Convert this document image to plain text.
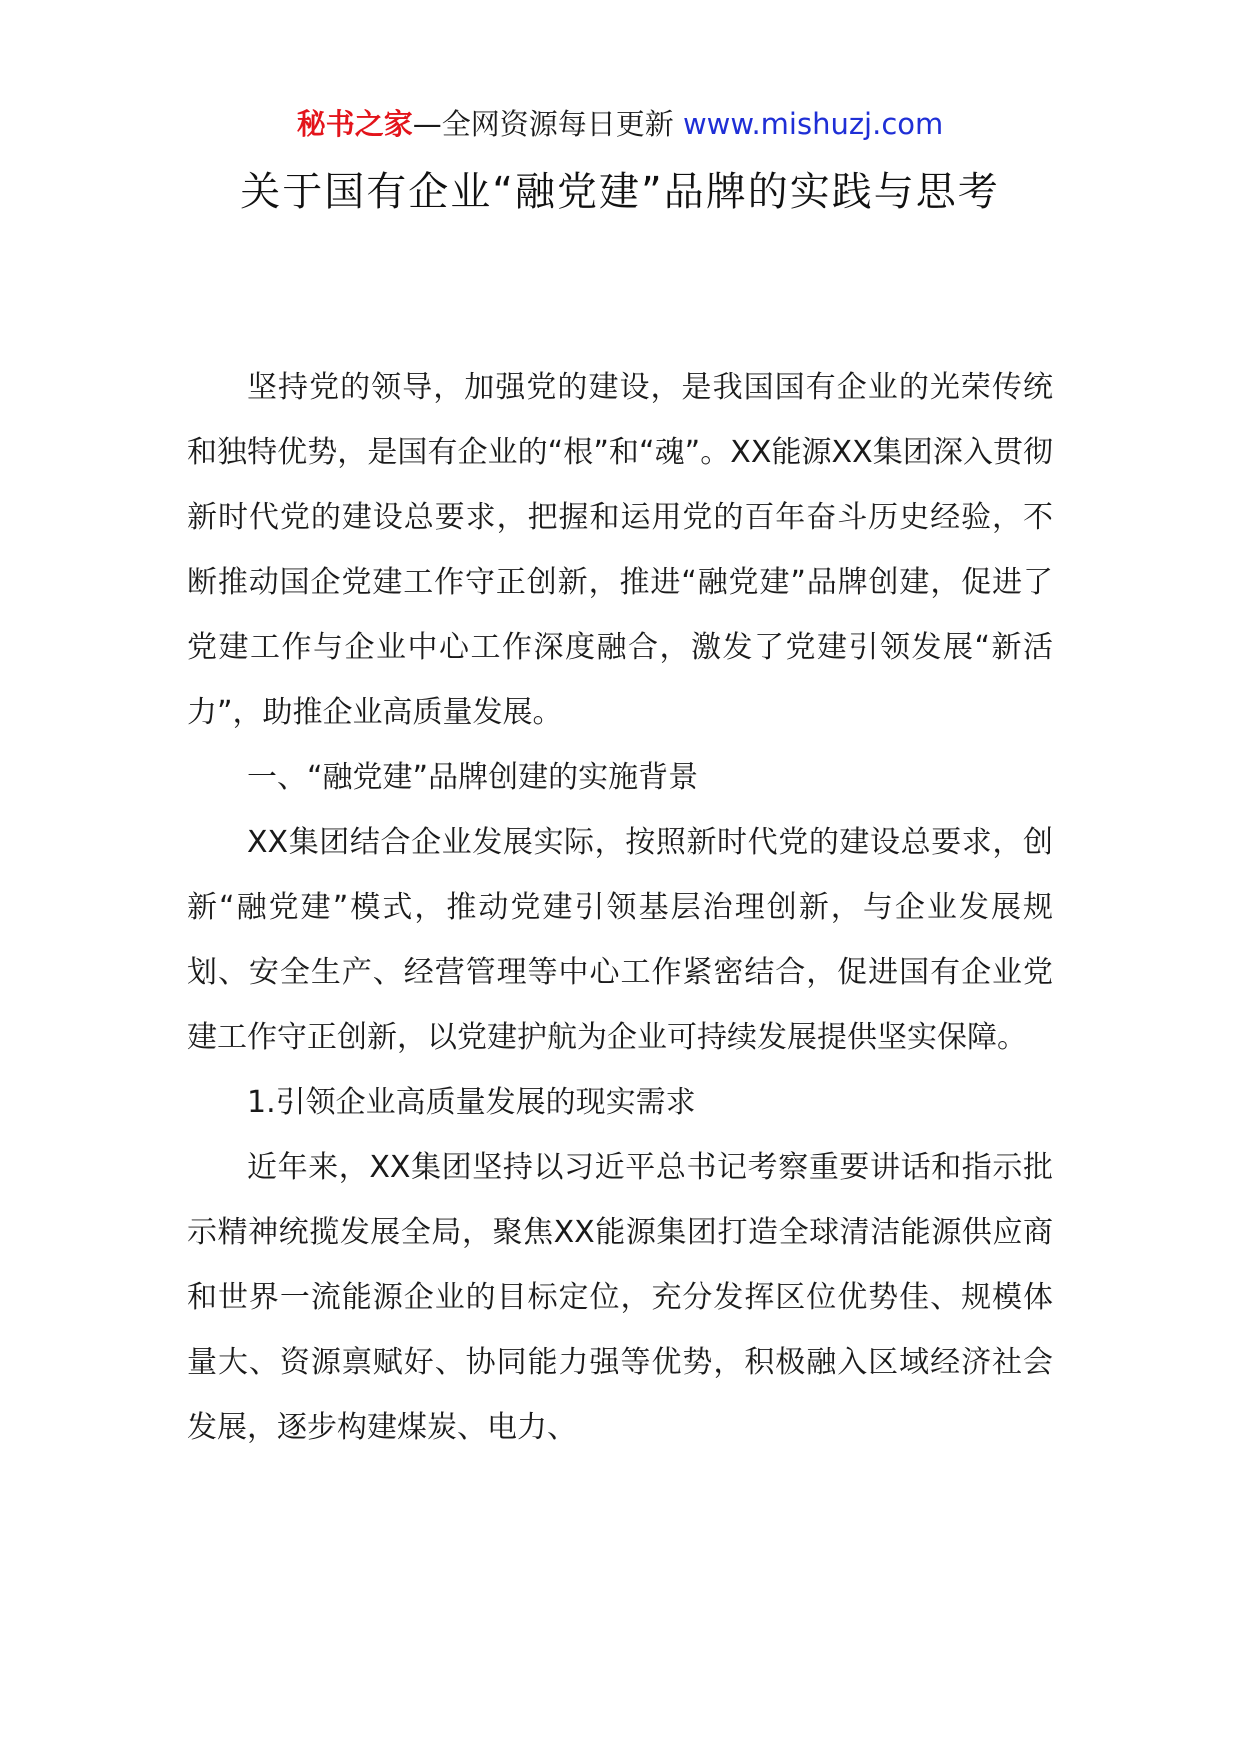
秘书之家—全网资源每日更新 www.mishuzj.com
关于国有企业“融党建”品牌的实践与思考

坚持党的领导，加强党的建设，是我国国有企业的光荣传统和独特优势，是国有企业的“根”和“魂”。XX能源XX集团深入贯彻新时代党的建设总要求，把握和运用党的百年奋斗历史经验，不断推动国企党建工作守正创新，推进“融党建”品牌创建，促进了党建工作与企业中心工作深度融合，激发了党建引领发展“新活力”，助推企业高质量发展。

一、“融党建”品牌创建的实施背景

XX集团结合企业发展实际，按照新时代党的建设总要求，创新“融党建”模式，推动党建引领基层治理创新，与企业发展规划、安全生产、经营管理等中心工作紧密结合，促进国有企业党建工作守正创新，以党建护航为企业可持续发展提供坚实保障。

1.引领企业高质量发展的现实需求

近年来，XX集团坚持以习近平总书记考察重要讲话和指示批示精神统揽发展全局，聚焦XX能源集团打造全球清洁能源供应商和世界一流能源企业的目标定位，充分发挥区位优势佳、规模体量大、资源禀赋好、协同能力强等优势，积极融入区域经济社会发展，逐步构建煤炭、电力、
